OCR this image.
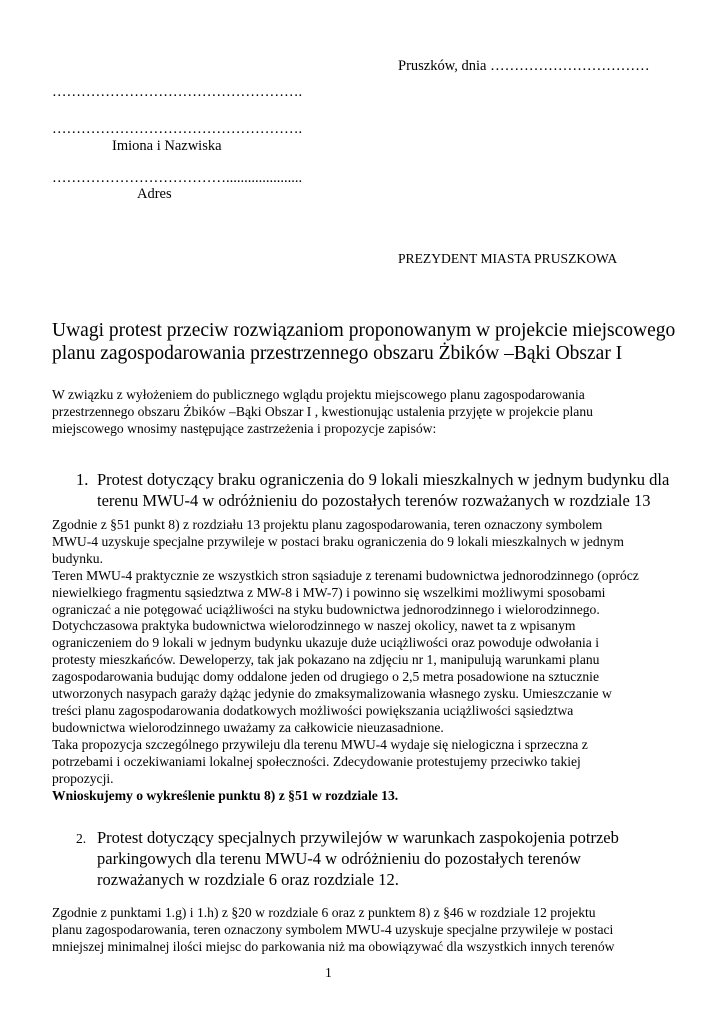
Pruszków, dnia ……………………………
…………………………………………….
…………………………………………….
Imiona i Nazwiska
……………………………….....................
Adres
PREZYDENT MIASTA PRUSZKOWA
Uwagi protest przeciw rozwiązaniom proponowanym w projekcie miejscowego
planu zagospodarowania przestrzennego obszaru Żbików –Bąki Obszar I
W związku z wyłożeniem do publicznego wglądu projektu miejscowego planu zagospodarowania
przestrzennego obszaru Żbików –Bąki Obszar I , kwestionując ustalenia przyjęte w projekcie planu
miejscowego wnosimy następujące zastrzeżenia i propozycje zapisów:
1. Protest dotyczący braku ograniczenia do 9 lokali mieszkalnych w jednym budynku dla
terenu MWU-4 w odróżnieniu do pozostałych terenów rozważanych w rozdziale 13
Zgodnie z §51 punkt 8) z rozdziału 13 projektu planu zagospodarowania, teren oznaczony symbolem
MWU-4 uzyskuje specjalne przywileje w postaci braku ograniczenia do 9 lokali mieszkalnych w jednym
budynku.
Teren MWU-4 praktycznie ze wszystkich stron sąsiaduje z terenami budownictwa jednorodzinnego (oprócz
niewielkiego fragmentu sąsiedztwa z MW-8 i MW-7) i powinno się wszelkimi możliwymi sposobami
ograniczać a nie potęgować uciążliwości na styku budownictwa jednorodzinnego i wielorodzinnego.
Dotychczasowa praktyka budownictwa wielorodzinnego w naszej okolicy, nawet ta z wpisanym
ograniczeniem do 9 lokali w jednym budynku ukazuje duże uciążliwości oraz powoduje odwołania i
protesty mieszkańców. Deweloperzy, tak jak pokazano na zdjęciu nr 1, manipulują warunkami planu
zagospodarowania budując domy oddalone jeden od drugiego o 2,5 metra posadowione na sztucznie
utworzonych nasypach garaży dążąc jedynie do zmaksymalizowania własnego zysku. Umieszczanie w
treści planu zagospodarowania dodatkowych możliwości powiększania uciążliwości sąsiedztwa
budownictwa wielorodzinnego uważamy za całkowicie nieuzasadnione.
Taka propozycja szczególnego przywileju dla terenu MWU-4 wydaje się nielogiczna i sprzeczna z
potrzebami i oczekiwaniami lokalnej społeczności. Zdecydowanie protestujemy przeciwko takiej
propozycji.
Wnioskujemy o wykreślenie punktu 8) z §51 w rozdziale 13.
2. Protest dotyczący specjalnych przywilejów w warunkach zaspokojenia potrzeb
parkingowych dla terenu MWU-4 w odróżnieniu do pozostałych terenów
rozważanych w rozdziale 6 oraz rozdziale 12.
Zgodnie z punktami 1.g) i 1.h) z §20 w rozdziale 6 oraz z punktem 8) z §46 w rozdziale 12 projektu
planu zagospodarowania, teren oznaczony symbolem MWU-4 uzyskuje specjalne przywileje w postaci
mniejszej minimalnej ilości miejsc do parkowania niż ma obowiązywać dla wszystkich innych terenów
1
